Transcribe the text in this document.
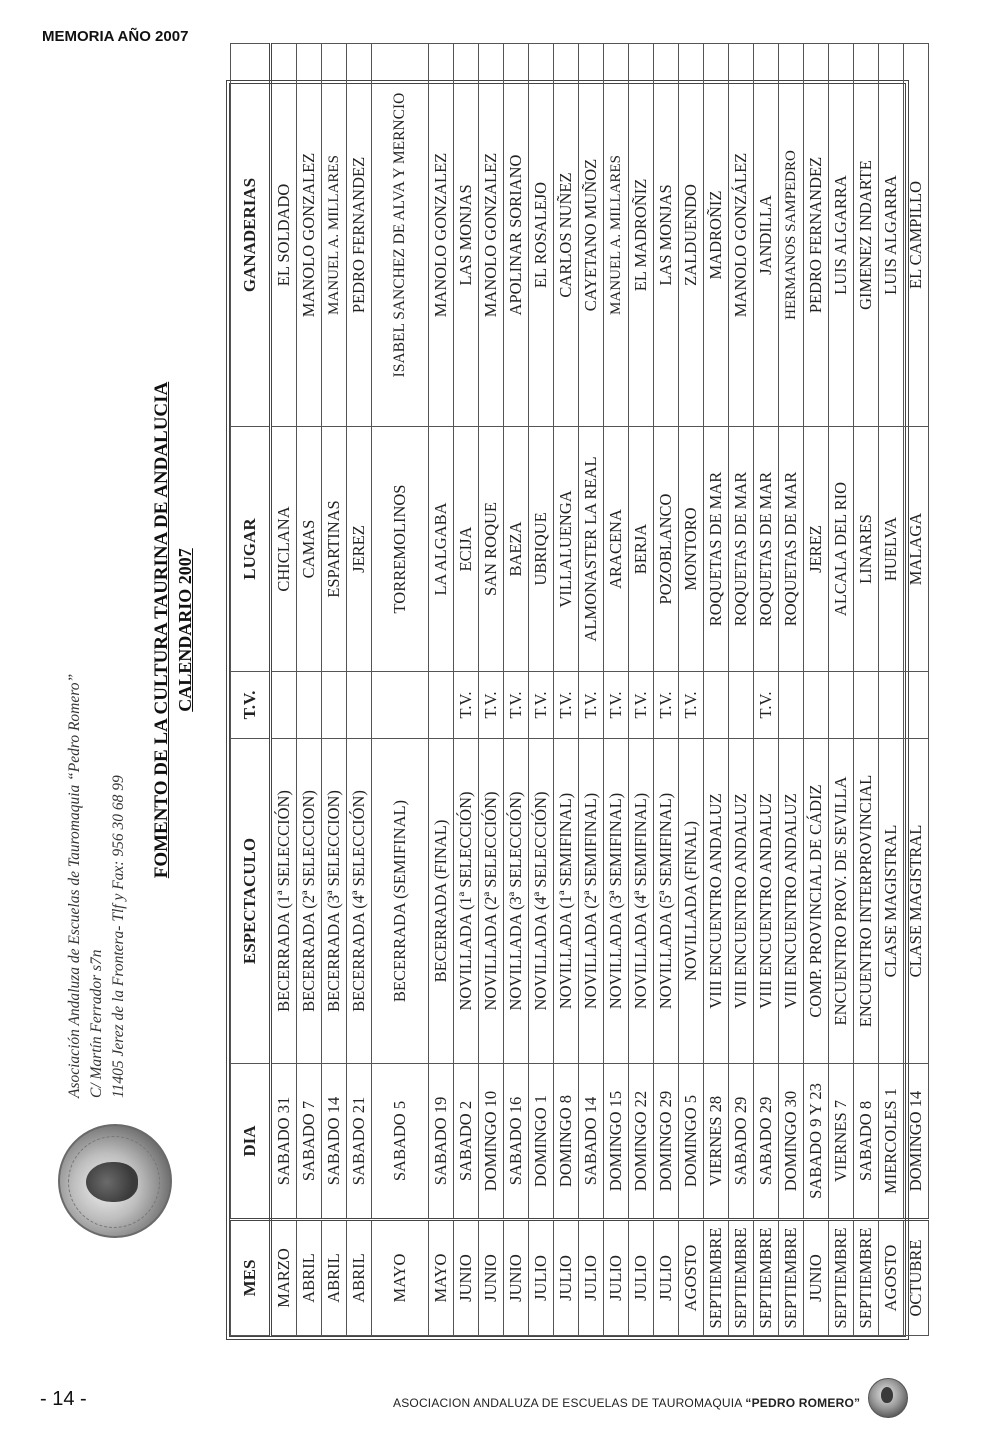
MEMORIA AÑO 2007
Asociación Andaluza de Escuelas de Tauromaquia “Pedro Romero” C/ Martín Ferrador s7n 11405 Jerez de la Frontera- Tlf y Fax: 956 30 68 99
FOMENTO DE LA CULTURA TAURINA DE ANDALUCIA CALENDARIO 2007
MES	DIA	ESPECTACULO	T.V.	LUGAR	GANADERIAS
MARZO	SABADO 31	BECERRADA (1ª SELECCIÓN)		CHICLANA	EL SOLDADO
ABRIL	SABADO 7	BECERRADA (2ª SELECCION)		CAMAS	MANOLO GONZALEZ
ABRIL	SABADO 14	BECERRADA (3ª SELECCION)		ESPARTINAS	MANUEL A. MILLARES
ABRIL	SABADO 21	BECERRADA (4ª SELECCIÓN)		JEREZ	PEDRO FERNANDEZ
MAYO	SABADO 5	BECERRADA (SEMIFINAL)		TORREMOLINOS	ISABEL SANCHEZ DE ALVA Y MERNCIO
MAYO	SABADO 19	BECERRADA (FINAL)		LA ALGABA	MANOLO GONZALEZ
JUNIO	SABADO 2	NOVILLADA (1ª SELECCIÓN)	T.V.	ECIJA	LAS MONJAS
JUNIO	DOMINGO 10	NOVILLADA (2ª SELECCIÓN)	T.V.	SAN ROQUE	MANOLO GONZALEZ
JUNIO	SABADO 16	NOVILLADA (3ª SELECCIÓN)	T.V.	BAEZA	APOLINAR SORIANO
JULIO	DOMINGO 1	NOVILLADA (4ª SELECCIÓN)	T.V.	UBRIQUE	EL ROSALEJO
JULIO	DOMINGO 8	NOVILLADA (1ª SEMIFINAL)	T.V.	VILLALUENGA	CARLOS NUÑEZ
JULIO	SABADO 14	NOVILLADA (2ª SEMIFINAL)	T.V.	ALMONASTER LA REAL	CAYETANO MUÑOZ
JULIO	DOMINGO 15	NOVILLADA (3ª SEMIFINAL)	T.V.	ARACENA	MANUEL A. MILLARES
JULIO	DOMINGO 22	NOVILLADA (4ª SEMIFINAL)	T.V.	BERJA	EL MADROÑIZ
JULIO	DOMINGO 29	NOVILLADA (5ª SEMIFINAL)	T.V.	POZOBLANCO	LAS MONJAS
AGOSTO	DOMINGO 5	NOVILLADA (FINAL)	T.V.	MONTORO	ZALDUENDO
SEPTIEMBRE	VIERNES 28	VIII ENCUENTRO ANDALUZ		ROQUETAS DE MAR	MADROÑIZ
SEPTIEMBRE	SABADO 29	VIII ENCUENTRO ANDALUZ		ROQUETAS DE MAR	MANOLO GONZÁLEZ
SEPTIEMBRE	SABADO 29	VIII ENCUENTRO ANDALUZ	T.V.	ROQUETAS DE MAR	JANDILLA
SEPTIEMBRE	DOMINGO 30	VIII ENCUENTRO ANDALUZ		ROQUETAS DE MAR	HERMANOS SAMPEDRO
JUNIO	SABADO 9 Y 23	COMP. PROVINCIAL DE CÁDIZ		JEREZ	PEDRO FERNANDEZ
SEPTIEMBRE	VIERNES 7	ENCUENTRO PROV. DE SEVILLA		ALCALA DEL RIO	LUIS ALGARRA
SEPTIEMBRE	SABADO 8	ENCUENTRO INTERPROVINCIAL		LINARES	GIMENEZ INDARTE
AGOSTO	MIERCOLES 1	CLASE MAGISTRAL		HUELVA	LUIS ALGARRA
OCTUBRE	DOMINGO 14	CLASE MAGISTRAL		MALAGA	EL CAMPILLO
- 14 -	ASOCIACION ANDALUZA DE ESCUELAS DE TAUROMAQUIA “PEDRO ROMERO”
